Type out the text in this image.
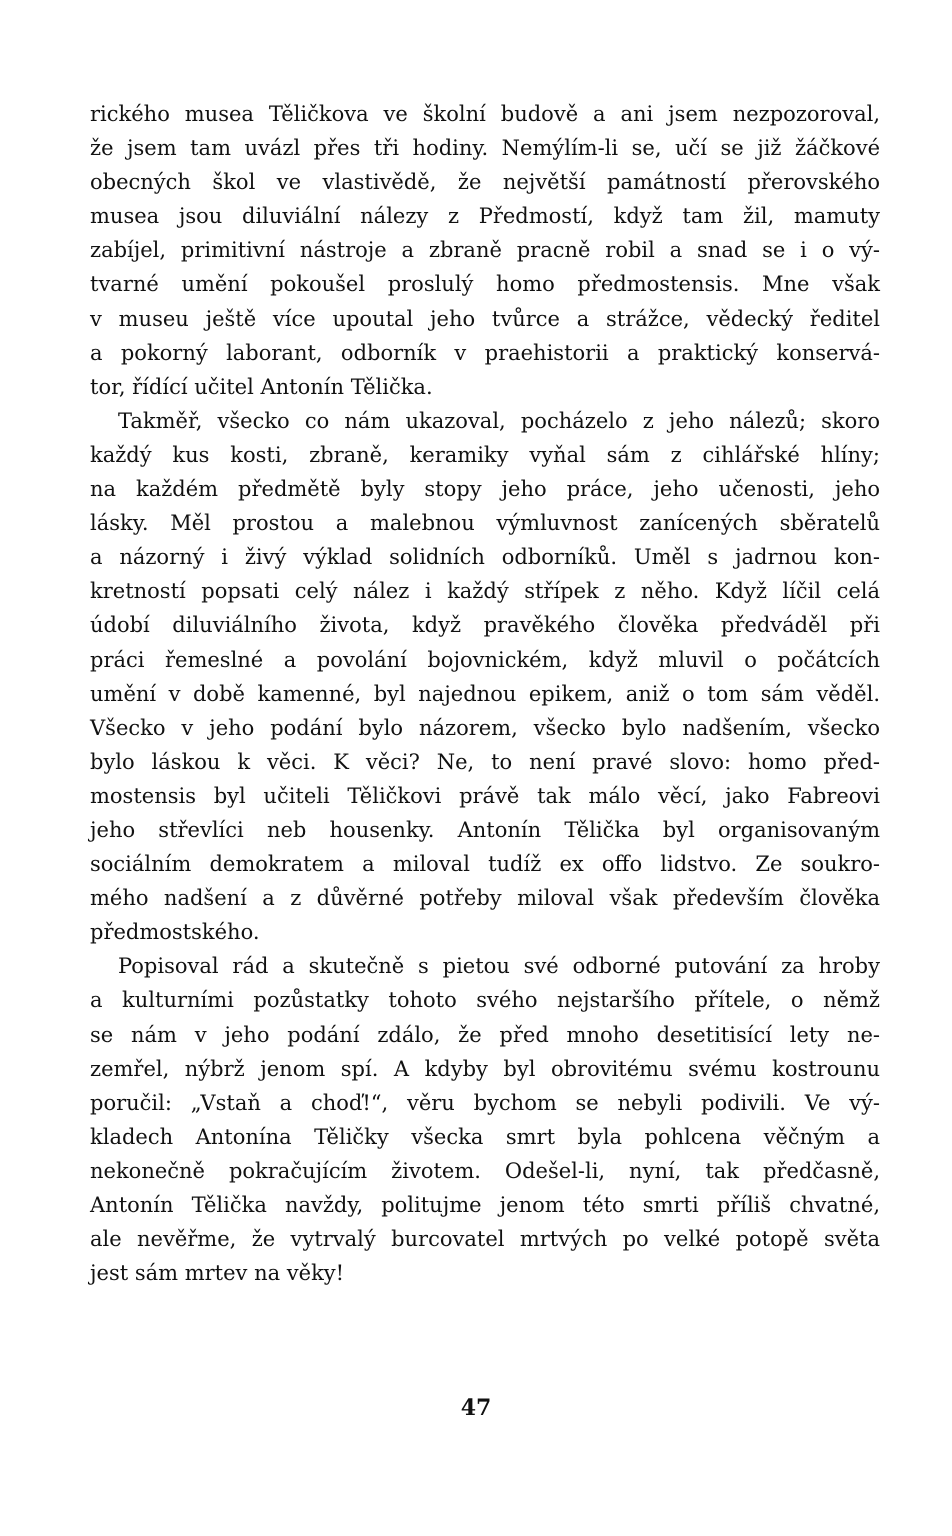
rického musea Těličkova ve školní budově a ani jsem nezpozoroval,
že jsem tam uvázl přes tři hodiny. Nemýlím-li se, učí se již žáčkové
obecných škol ve vlastivědě, že největší památností přerovského
musea jsou diluviální nálezy z Předmostí, když tam žil, mamuty
zabíjel, primitivní nástroje a zbraně pracně robil a snad se i o vý-
tvarné umění pokoušel proslulý homo předmostensis. Mne však
v museu ještě více upoutal jeho tvůrce a strážce, vědecký ředitel
a pokorný laborant, odborník v praehistorii a praktický konservá-
tor, řídící učitel Antonín Tělička.
Takměř, všecko co nám ukazoval, pocházelo z jeho nálezů; skoro
každý kus kosti, zbraně, keramiky vyňal sám z cihlářské hlíny;
na každém předmětě byly stopy jeho práce, jeho učenosti, jeho
lásky. Měl prostou a malebnou výmluvnost zanícených sběratelů
a názorný i živý výklad solidních odborníků. Uměl s jadrnou kon-
kretností popsati celý nález i každý střípek z něho. Když líčil celá
údobí diluviálního života, když pravěkého člověka předváděl při
práci řemeslné a povolání bojovnickém, když mluvil o počátcích
umění v době kamenné, byl najednou epikem, aniž o tom sám věděl.
Všecko v jeho podání bylo názorem, všecko bylo nadšením, všecko
bylo láskou k věci. K věci? Ne, to není pravé slovo: homo před-
mostensis byl učiteli Těličkovi právě tak málo věcí, jako Fabreovi
jeho střevlíci neb housenky. Antonín Tělička byl organisovaným
sociálním demokratem a miloval tudíž ex offo lidstvo. Ze soukro-
mého nadšení a z důvěrné potřeby miloval však především člověka
předmostského.
Popisoval rád a skutečně s pietou své odborné putování za hroby
a kulturními pozůstatky tohoto svého nejstaršího přítele, o němž
se nám v jeho podání zdálo, že před mnoho desetitisící lety ne-
zemřel, nýbrž jenom spí. A kdyby byl obrovitému svému kostrounu
poručil: „Vstaň a choď!“, věru bychom se nebyli podivili. Ve vý-
kladech Antonína Těličky všecka smrt byla pohlcena věčným a
nekonečně pokračujícím životem. Odešel-li, nyní, tak předčasně,
Antonín Tělička navždy, politujme jenom této smrti příliš chvatné,
ale nevěřme, že vytrvalý burcovatel mrtvých po velké potopě světa
jest sám mrtev na věky!
47
